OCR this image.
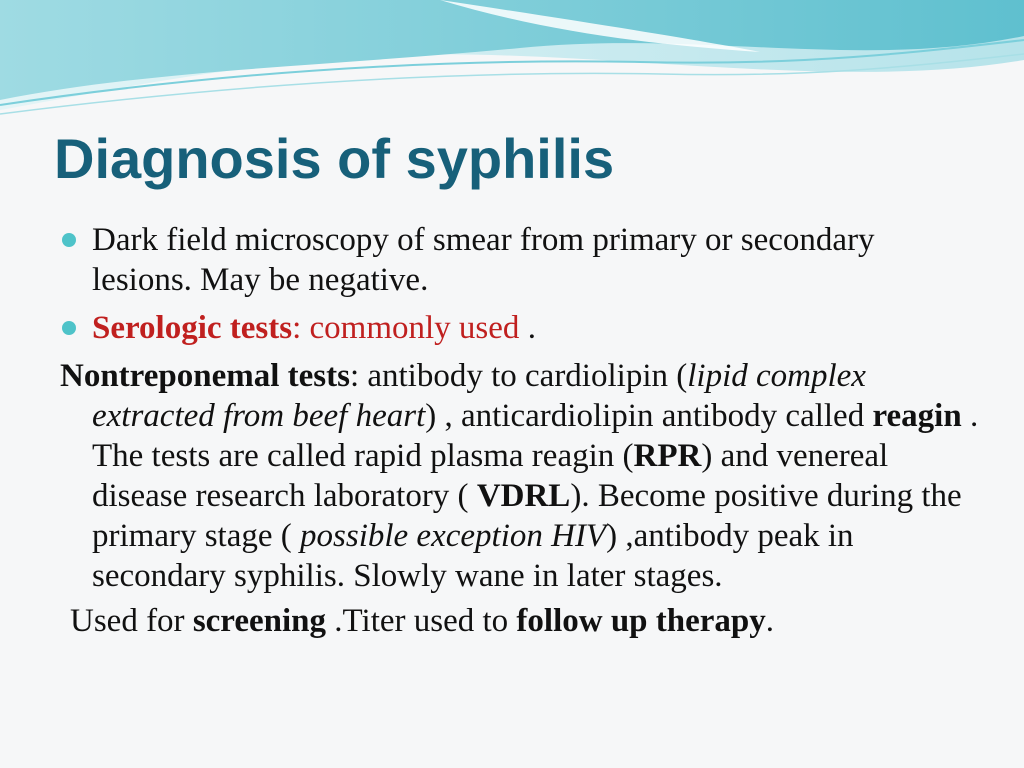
Diagnosis of syphilis
Dark field microscopy of smear from primary or secondary lesions. May be negative.
Serologic tests: commonly used .

Nontreponemal tests: antibody to cardiolipin (lipid complex extracted from beef heart) , anticardiolipin antibody called reagin . The tests are called rapid plasma reagin (RPR) and venereal disease research laboratory ( VDRL). Become positive during the primary stage ( possible exception HIV) ,antibody peak in secondary syphilis. Slowly wane in later stages.

Used for screening .Titer used to follow up therapy.
